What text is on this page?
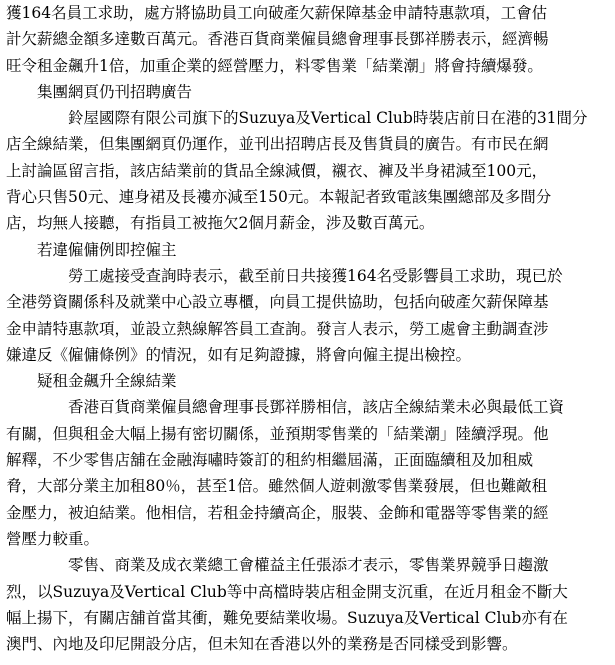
獲164名員工求助，處方將協助員工向破產欠薪保障基金申請特惠款項，工會估
計欠薪總金額多達數百萬元。香港百貨商業僱員總會理事長鄧祥勝表示，經濟暢
旺令租金飆升1倍，加重企業的經營壓力，料零售業「結業潮」將會持續爆發。
集團網頁仍刊招聘廣告
鈴屋國際有限公司旗下的Suzuya及Vertical Club時裝店前日在港的31間分
店全線結業，但集團網頁仍運作，並刊出招聘店長及售貨員的廣告。有市民在網
上討論區留言指，該店結業前的貨品全線減價，襯衣、褲及半身裙減至100元，
背心只售50元、連身裙及長褸亦減至150元。本報記者致電該集團總部及多間分
店，均無人接聽，有指員工被拖欠2個月薪金，涉及數百萬元。
若違僱傭例即控僱主
勞工處接受查詢時表示，截至前日共接獲164名受影響員工求助，現已於
全港勞資關係科及就業中心設立專櫃，向員工提供協助，包括向破產欠薪保障基
金申請特惠款項，並設立熱線解答員工查詢。發言人表示，勞工處會主動調查涉
嫌違反《僱傭條例》的情況，如有足夠證據，將會向僱主提出檢控。
疑租金飆升全線結業
香港百貨商業僱員總會理事長鄧祥勝相信，該店全線結業未必與最低工資
有關，但與租金大幅上揚有密切關係，並預期零售業的「結業潮」陸續浮現。他
解釋，不少零售店舖在金融海嘯時簽訂的租約相繼屆滿，正面臨續租及加租威
脅，大部分業主加租80％，甚至1倍。雖然個人遊刺激零售業發展，但也難敵租
金壓力，被迫結業。他相信，若租金持續高企，服裝、金飾和電器等零售業的經
營壓力較重。
零售、商業及成衣業總工會權益主任張添才表示，零售業界競爭日趨激
烈，以Suzuya及Vertical Club等中高檔時裝店租金開支沉重，在近月租金不斷大
幅上揚下，有關店舖首當其衝，難免要結業收場。Suzuya及Vertical Club亦有在
澳門、內地及印尼開設分店，但未知在香港以外的業務是否同樣受到影響。
